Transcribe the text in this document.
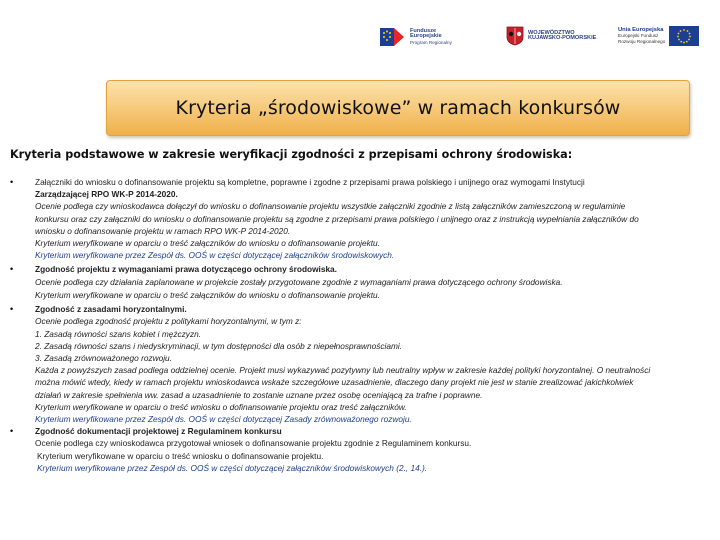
Fundusze
Europejskie
Program Regionalny
WOJEWÓDZTWO
KUJAWSKO-POMORSKIE
Unia Europejska
Europejski Fundusz
Rozwoju Regionalnego
Kryteria „środowiskowe” w ramach konkursów
Kryteria podstawowe w zakresie weryfikacji zgodności z przepisami ochrony środowiska:
•	Załączniki do wniosku o dofinansowanie projektu są kompletne, poprawne i zgodne z przepisami prawa polskiego i unijnego oraz wymogami Instytucji
Zarządzającej RPO WK-P 2014-2020.
Ocenie podlega czy wnioskodawca dołączył do wniosku o dofinansowanie projektu wszystkie załączniki zgodnie z listą załączników zamieszczoną w regulaminie
konkursu oraz czy załączniki do wniosku o dofinansowanie projektu są zgodne z przepisami prawa polskiego i unijnego oraz z instrukcją wypełniania załączników do
wniosku o dofinansowanie projektu w ramach RPO WK-P 2014-2020.
Kryterium weryfikowane w oparciu o treść załączników do wniosku o dofinansowanie projektu.
Kryterium weryfikowane przez Zespół ds. OOŚ w części dotyczącej załączników środowiskowych.
•	Zgodność projektu z wymaganiami prawa dotyczącego ochrony środowiska.
Ocenie podlega czy działania zaplanowane w projekcie zostały przygotowane zgodnie z wymaganiami prawa dotyczącego ochrony środowiska.
Kryterium weryfikowane w oparciu o treść załączników do wniosku o dofinansowanie projektu.
•	Zgodność z zasadami horyzontalnymi.
Ocenie podlega zgodność projektu z politykami horyzontalnymi, w tym z:
1. Zasadą równości szans kobiet i mężczyzn.
2. Zasadą równości szans i niedyskryminacji, w tym dostępności dla osób z niepełnosprawnościami.
3. Zasadą zrównoważonego rozwoju.
Każda z powyższych zasad podlega oddzielnej ocenie. Projekt musi wykazywać pozytywny lub neutralny wpływ w zakresie każdej polityki horyzontalnej. O neutralności
można mówić wtedy, kiedy w ramach projektu wnioskodawca wskaże szczegółowe uzasadnienie, dlaczego dany projekt nie jest w stanie zrealizować jakichkolwiek
działań w zakresie spełnienia ww. zasad a uzasadnienie to zostanie uznane przez osobę oceniającą za trafne i poprawne.
Kryterium weryfikowane w oparciu o treść wniosku o dofinansowanie projektu oraz treść załączników.
Kryterium weryfikowane przez Zespół ds. OOŚ w części dotyczącej Zasady zrównoważonego rozwoju.
•	Zgodność dokumentacji projektowej z Regulaminem konkursu
Ocenie podlega czy wnioskodawca przygotował wniosek o dofinansowanie projektu zgodnie z Regulaminem konkursu.
Kryterium weryfikowane w oparciu o treść wniosku o dofinansowanie projektu.
Kryterium weryfikowane przez Zespół ds. OOŚ w części dotyczącej załączników środowiskowych (2., 14.).
